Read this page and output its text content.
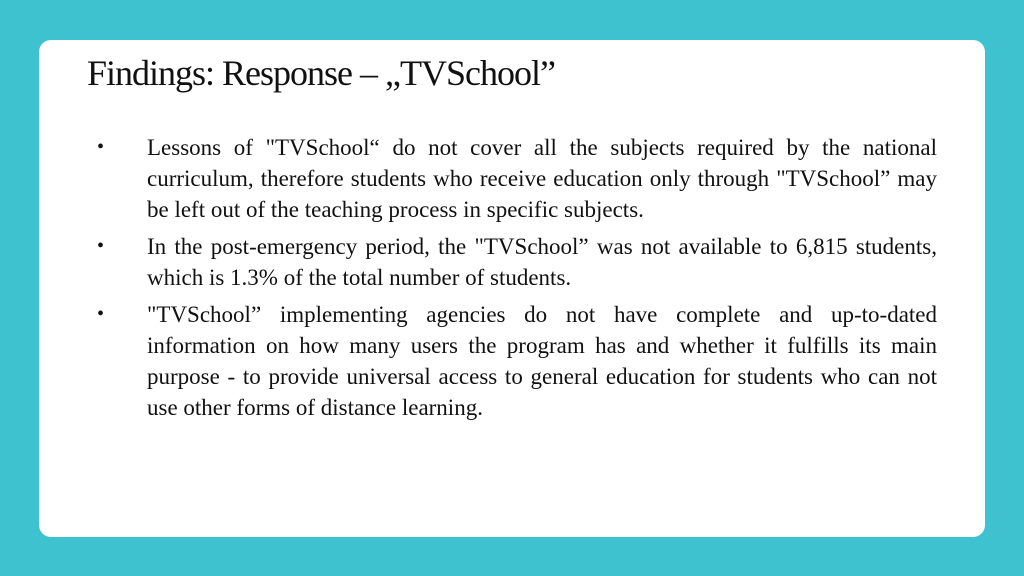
Findings: Response – „TVSchool”
• Lessons of "TVSchool“ do not cover all the subjects required by the national curriculum, therefore students who receive education only through "TVSchool” may be left out of the teaching process in specific subjects.
• In the post-emergency period, the "TVSchool” was not available to 6,815 students, which is 1.3% of the total number of students.
• "TVSchool” implementing agencies do not have complete and up-to-dated information on how many users the program has and whether it fulfills its main purpose - to provide universal access to general education for students who can not use other forms of distance learning.
